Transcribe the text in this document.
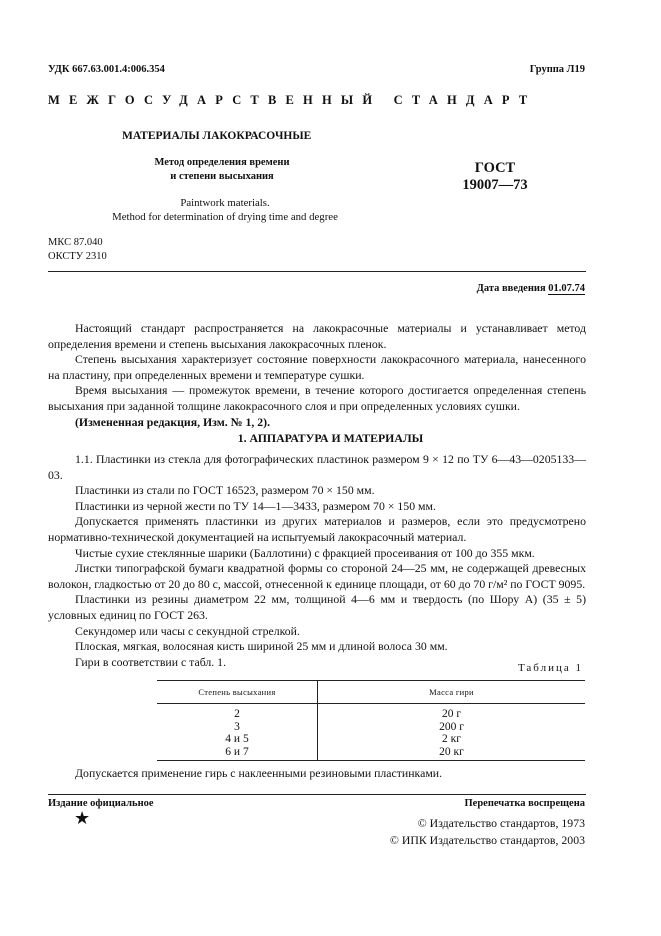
УДК 667.63.001.4:006.354	Группа Л19
МЕЖГОСУДАРСТВЕННЫЙ СТАНДАРТ
МАТЕРИАЛЫ ЛАКОКРАСОЧНЫЕ
Метод определения времени
и степени высыхания
ГОСТ
19007—73
Paintwork materials.
Method for determination of drying time and degree
МКС 87.040
ОКСТУ 2310
Дата введения 01.07.74

Настоящий стандарт распространяется на лакокрасочные материалы и устанавливает метод определения времени и степень высыхания лакокрасочных пленок.

Степень высыхания характеризует состояние поверхности лакокрасочного материала, нанесенного на пластину, при определенных времени и температуре сушки.

Время высыхания — промежуток времени, в течение которого достигается определенная степень высыхания при заданной толщине лакокрасочного слоя и при определенных условиях сушки.

(Измененная редакция, Изм. № 1, 2).

1. АППАРАТУРА И МАТЕРИАЛЫ

1.1. Пластинки из стекла для фотографических пластинок размером 9 × 12 по ТУ 6—43—0205133—03.

Пластинки из стали по ГОСТ 16523, размером 70 × 150 мм.

Пластинки из черной жести по ТУ 14—1—3433, размером 70 × 150 мм.

Допускается применять пластинки из других материалов и размеров, если это предусмотрено нормативно-технической документацией на испытуемый лакокрасочный материал.

Чистые сухие стеклянные шарики (Баллотини) с фракцией просеивания от 100 до 355 мкм.

Листки типографской бумаги квадратной формы со стороной 24—25 мм, не содержащей древесных волокон, гладкостью от 20 до 80 с, массой, отнесенной к единице площади, от 60 до 70 г/м² по ГОСТ 9095.

Пластинки из резины диаметром 22 мм, толщиной 4—6 мм и твердость (по Шору А) (35 ± 5) условных единиц по ГОСТ 263.

Секундомер или часы с секундной стрелкой.

Плоская, мягкая, волосяная кисть шириной 25 мм и длиной волоса 30 мм.

Гири в соответствии с табл. 1.	Таблица 1
Степень высыхания	Масса гири
2	20 г
3	200 г
4 и 5	2 кг
6 и 7	20 кг

Допускается применение гирь с наклеенными резиновыми пластинками.

Издание официальное	Перепечатка воспрещена
★	© Издательство стандартов, 1973
© ИПК Издательство стандартов, 2003
